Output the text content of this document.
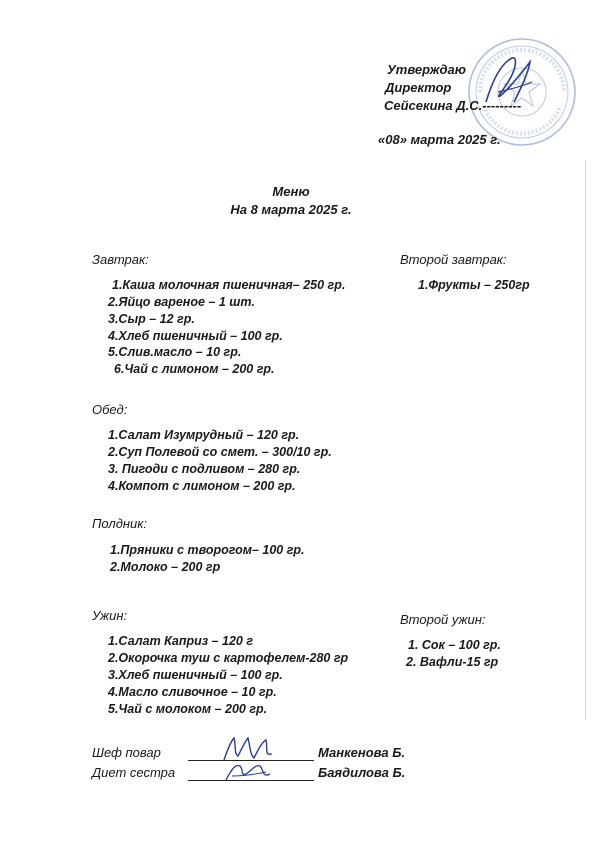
Утверждаю
Директор
Сейсекина Д.С.---------
«08» марта 2025 г.
Меню
На 8 марта 2025 г.
Завтрак:
1.Каша молочная пшеничная– 250 гр.
2.Яйцо вареное – 1 шт.
3.Сыр – 12 гр.
4.Хлеб пшеничный – 100 гр.
5.Слив.масло – 10 гр.
6.Чай с лимоном – 200 гр.
Второй завтрак:
1.Фрукты – 250гр
Обед:
1.Салат Изумрудный – 120 гр.
2.Суп Полевой со смет. – 300/10 гр.
3. Пигоди с подливом – 280 гр.
4.Компот с лимоном – 200 гр.
Полдник:
1.Пряники с творогом– 100 гр.
2.Молоко – 200 гр
Ужин:
1.Салат Каприз – 120 г
2.Окорочка туш с картофелем-280 гр
3.Хлеб пшеничный – 100 гр.
4.Масло сливочное – 10 гр.
5.Чай с молоком – 200 гр.
Второй ужин:
1. Сок – 100 гр.
2. Вафли-15 гр
Шеф повар	Манкенова Б.
Диет сестра	Баядилова Б.
